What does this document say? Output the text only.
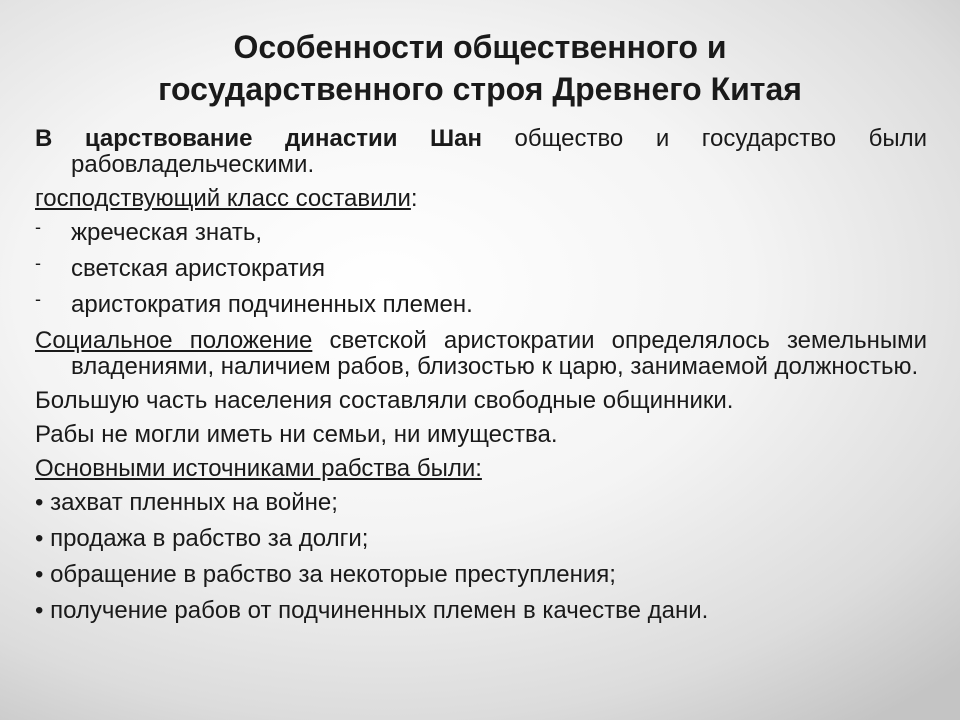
Особенности общественного и
государственного строя Древнего Китая

В царствование династии Шан общество и государство были рабовладельческими.

господствующий класс составили:

- жреческая знать,
- светская аристократия
- аристократия подчиненных племен.

Социальное положение светской аристократии определялось земельными владениями, наличием рабов, близостью к царю, занимаемой должностью.

Большую часть населения составляли свободные общинники.

Рабы не могли иметь ни семьи, ни имущества.

Основными источниками рабства были:

• захват пленных на войне;
• продажа в рабство за долги;
• обращение в рабство за некоторые преступления;
• получение рабов от подчиненных племен в качестве дани.
